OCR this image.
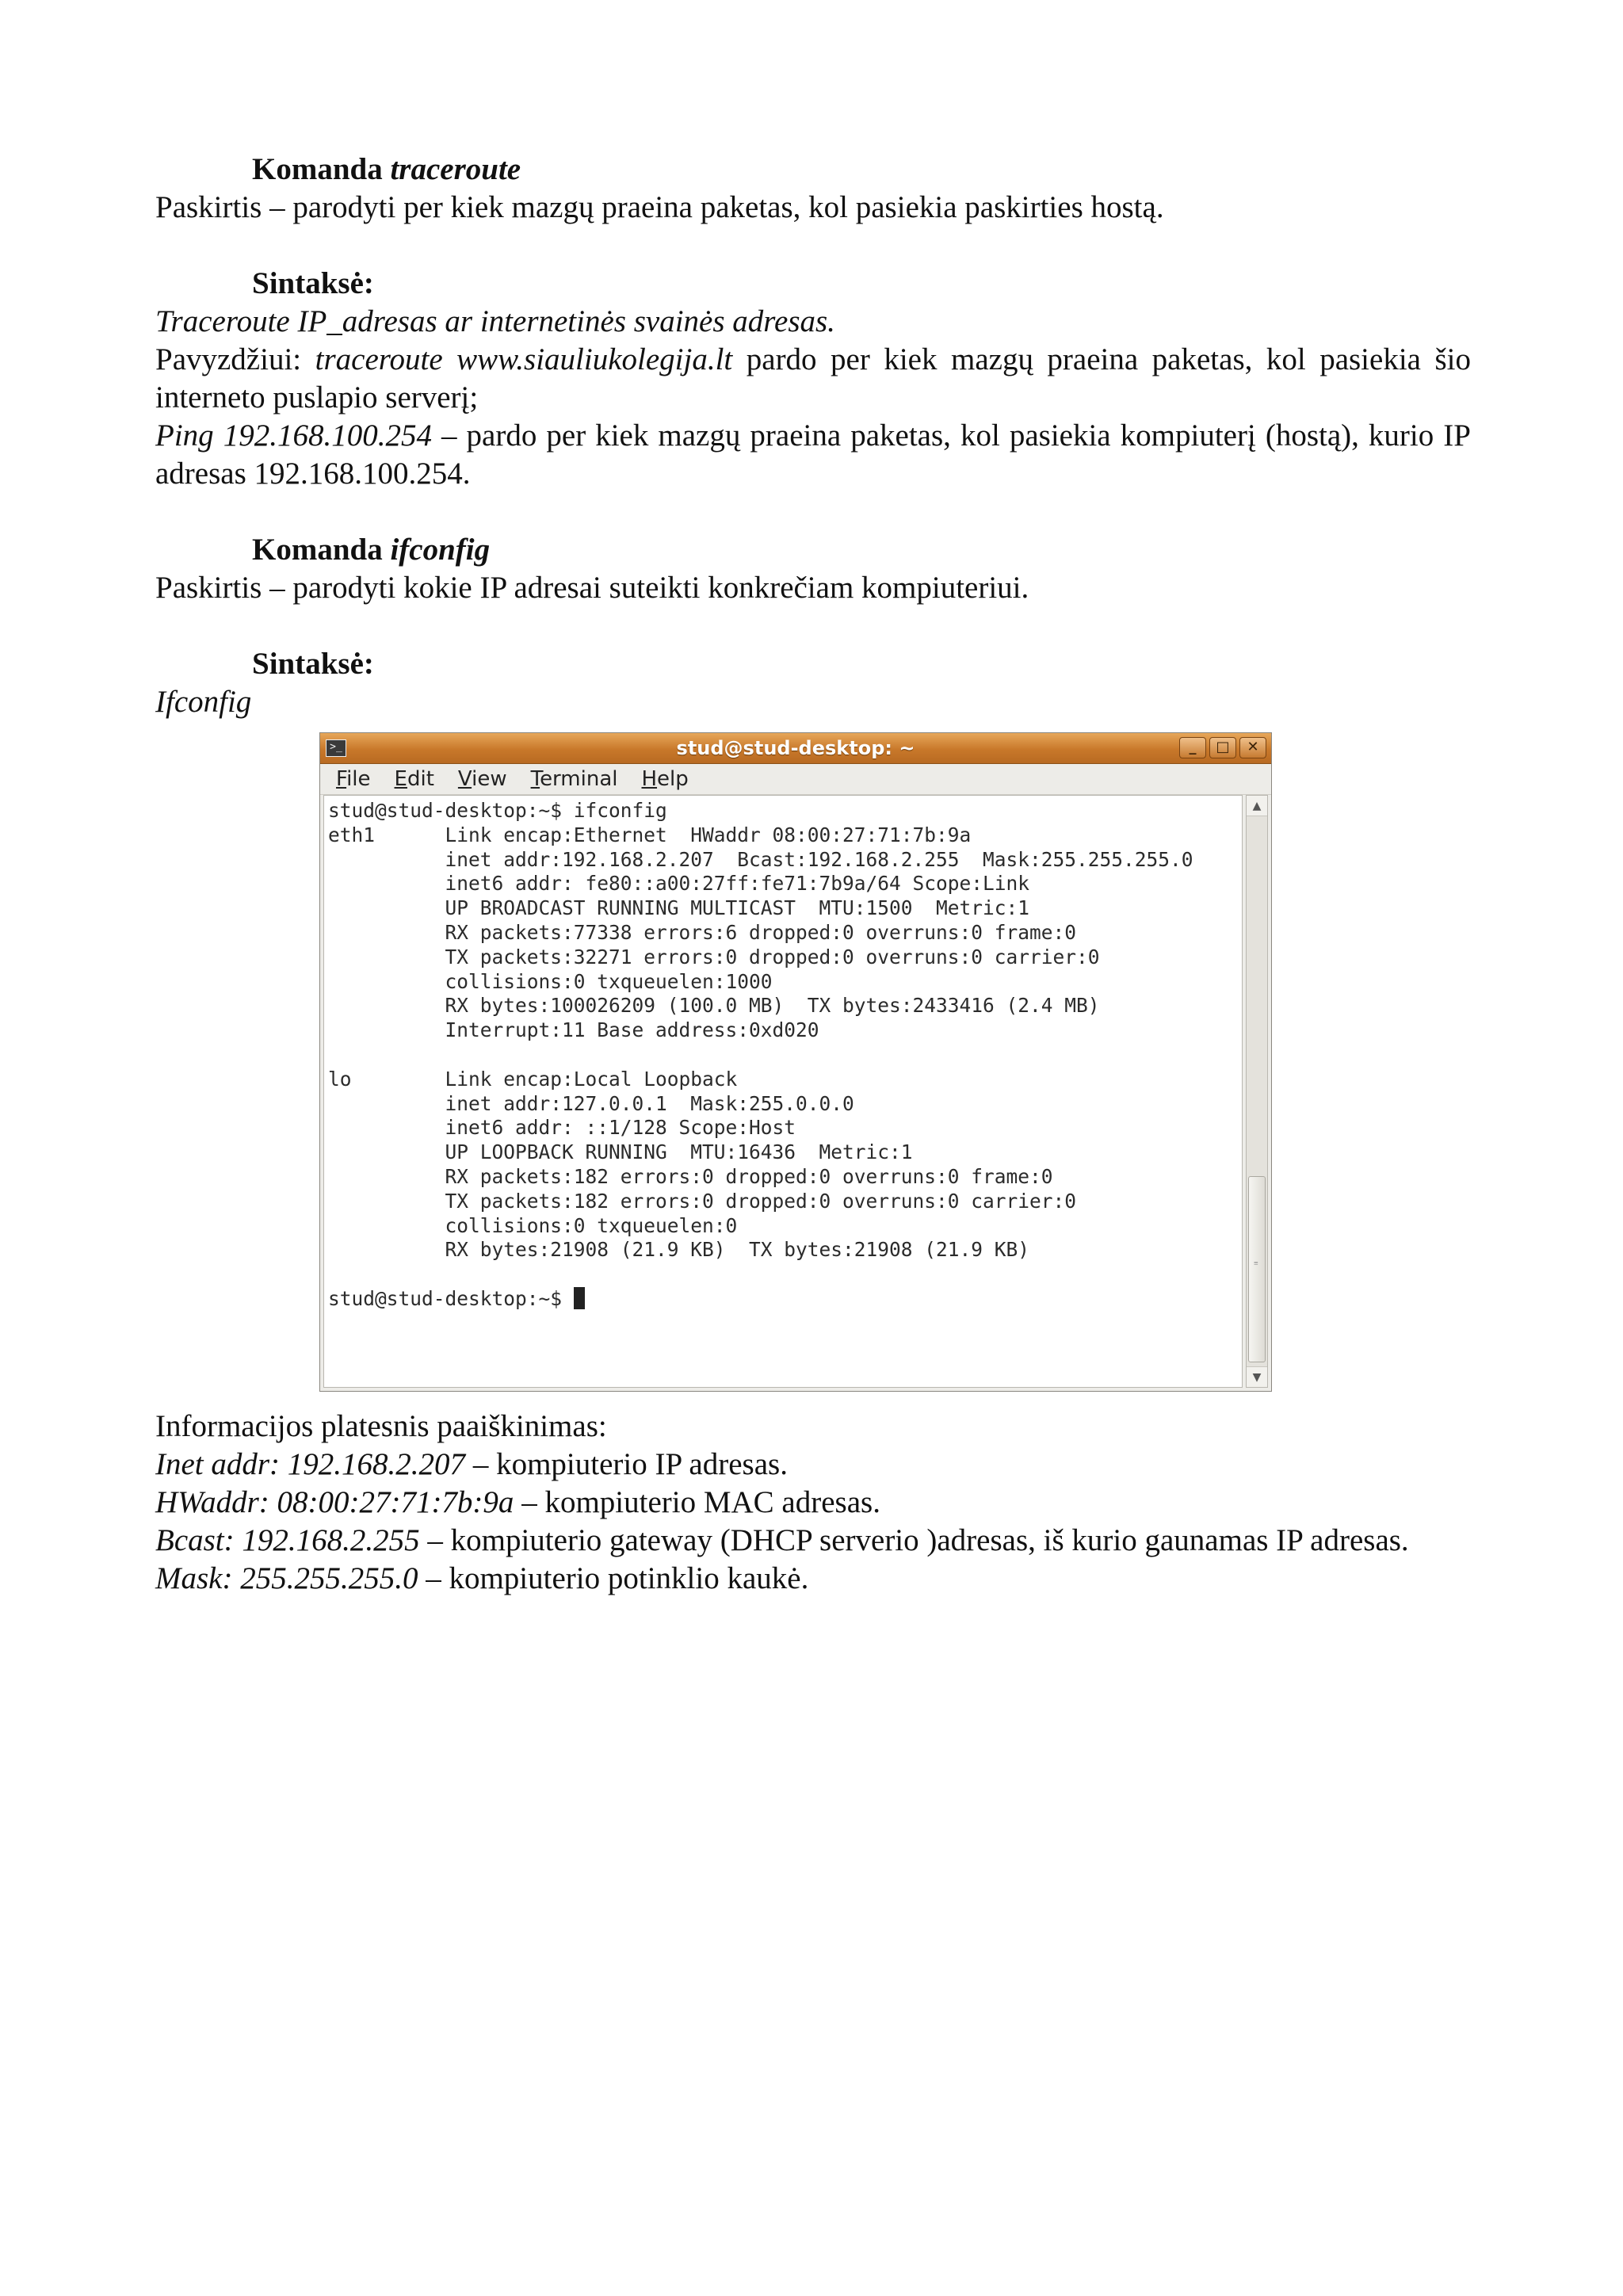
Komanda traceroute

Paskirtis – parodyti per kiek mazgų praeina paketas, kol pasiekia paskirties hostą.

Sintaksė:

Traceroute IP_adresas ar internetinės svainės adresas.

Pavyzdžiui: traceroute www.siauliukolegija.lt pardo per kiek mazgų praeina paketas, kol pasiekia šio interneto puslapio serverį;

Ping 192.168.100.254 – pardo per kiek mazgų praeina paketas, kol pasiekia kompiuterį (hostą), kurio IP adresas 192.168.100.254.

Komanda ifconfig

Paskirtis – parodyti kokie IP adresai suteikti konkrečiam kompiuteriui.

Sintaksė:

Ifconfig

Informacijos platesnis paaiškinimas:

Inet addr: 192.168.2.207 – kompiuterio IP adresas.

HWaddr: 08:00:27:71:7b:9a – kompiuterio MAC adresas.

Bcast: 192.168.2.255 – kompiuterio gateway (DHCP serverio )adresas, iš kurio gaunamas IP adresas.

Mask: 255.255.255.0 – kompiuterio potinklio kaukė.

>_	stud@stud-desktop: ~	_	□	✕
File Edit View Terminal Help
stud@stud-desktop:~$ ifconfig
eth1      Link encap:Ethernet  HWaddr 08:00:27:71:7b:9a
inet addr:192.168.2.207  Bcast:192.168.2.255  Mask:255.255.255.0
inet6 addr: fe80::a00:27ff:fe71:7b9a/64 Scope:Link
UP BROADCAST RUNNING MULTICAST  MTU:1500  Metric:1
RX packets:77338 errors:6 dropped:0 overruns:0 frame:0
TX packets:32271 errors:0 dropped:0 overruns:0 carrier:0
collisions:0 txqueuelen:1000
RX bytes:100026209 (100.0 MB)  TX bytes:2433416 (2.4 MB)
Interrupt:11 Base address:0xd020

lo        Link encap:Local Loopback
inet addr:127.0.0.1  Mask:255.0.0.0
inet6 addr: ::1/128 Scope:Host
UP LOOPBACK RUNNING  MTU:16436  Metric:1
RX packets:182 errors:0 dropped:0 overruns:0 frame:0
TX packets:182 errors:0 dropped:0 overruns:0 carrier:0
collisions:0 txqueuelen:0
RX bytes:21908 (21.9 KB)  TX bytes:21908 (21.9 KB)

stud@stud-desktop:~$
▲
≡
▼
